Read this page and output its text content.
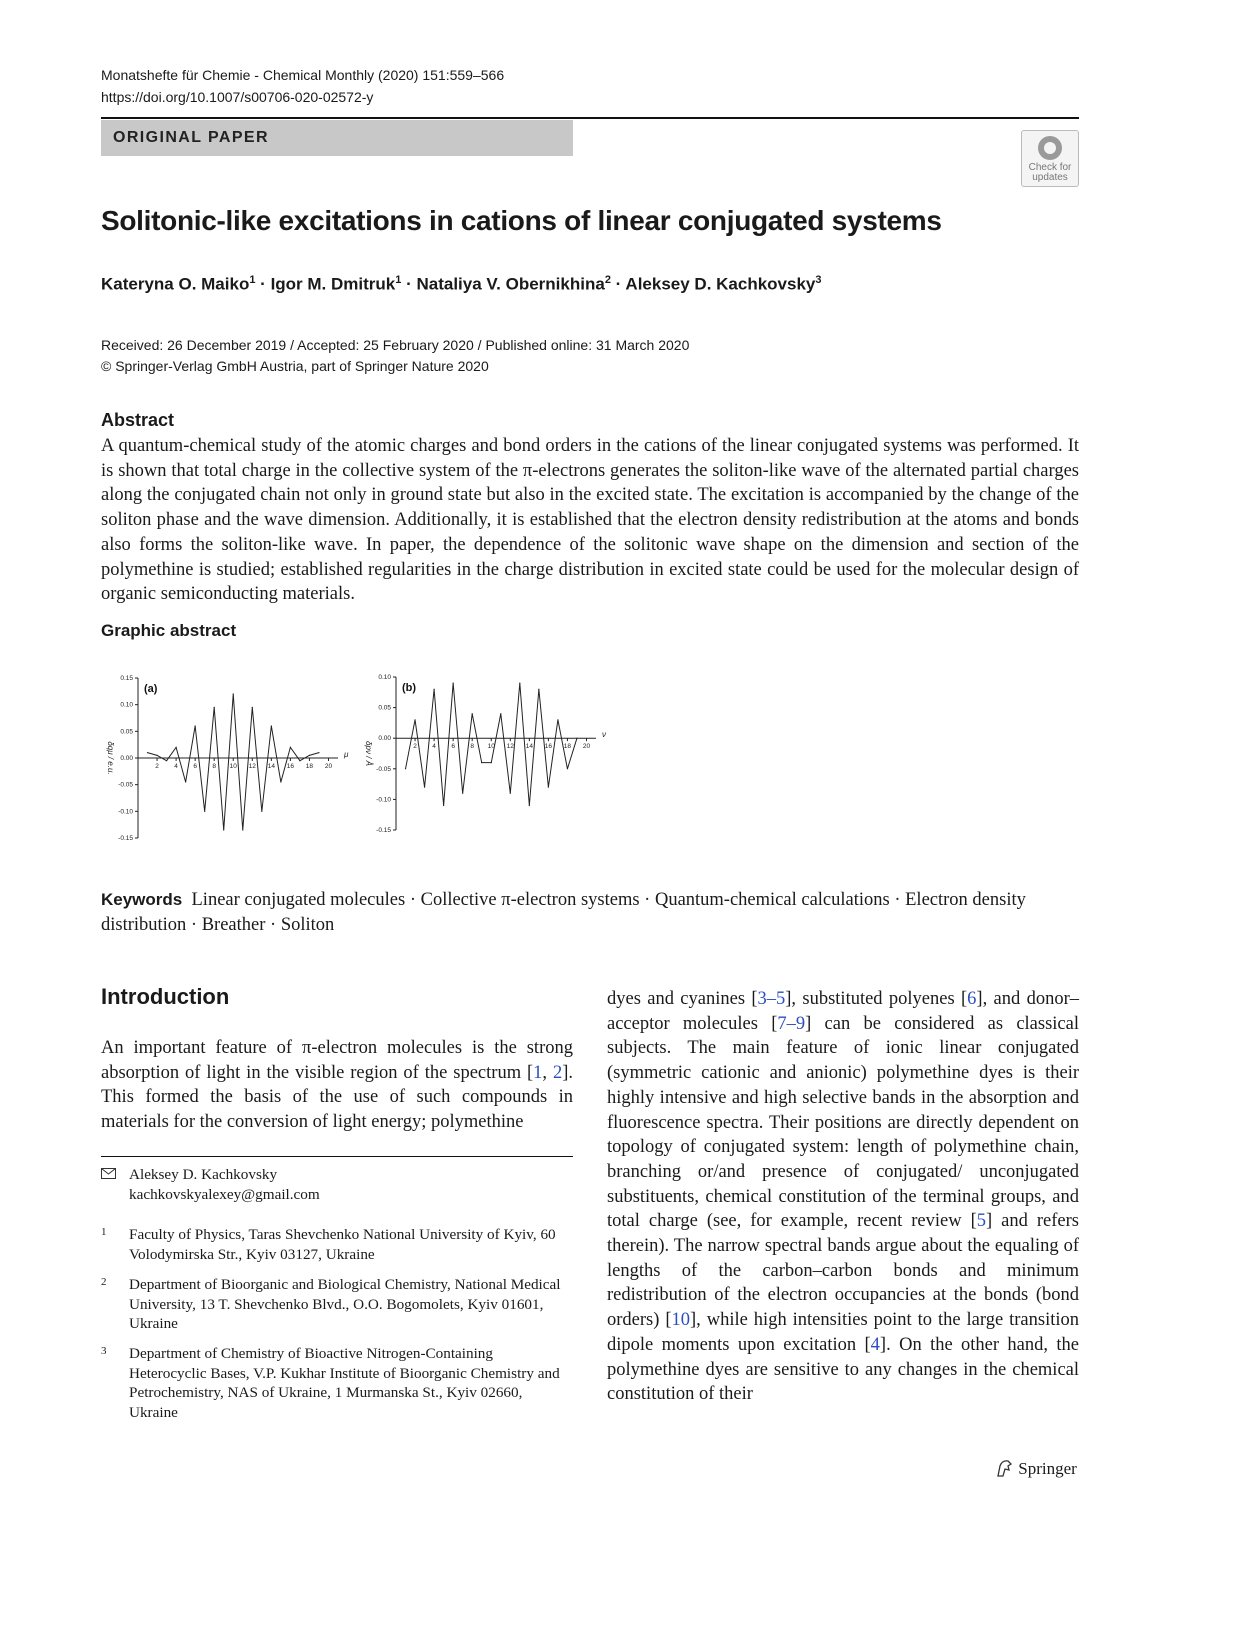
Monatshefte für Chemie - Chemical Monthly (2020) 151:559–566
https://doi.org/10.1007/s00706-020-02572-y
ORIGINAL PAPER
Check for
updates
Solitonic-like excitations in cations of linear conjugated systems
Kateryna O. Maiko$^1$ · Igor M. Dmitruk$^1$ · Nataliya V. Obernikhina$^2$ · Aleksey D. Kachkovsky$^3$
Received: 26 December 2019 / Accepted: 25 February 2020 / Published online: 31 March 2020
© Springer-Verlag GmbH Austria, part of Springer Nature 2020
Abstract
A quantum-chemical study of the atomic charges and bond orders in the cations of the linear conjugated systems was performed. It is shown that total charge in the collective system of the π-electrons generates the soliton-like wave of the alternated partial charges along the conjugated chain not only in ground state but also in the excited state. The excitation is accompanied by the change of the soliton phase and the wave dimension. Additionally, it is established that the electron density redistribution at the atoms and bonds also forms the soliton-like wave. In paper, the dependence of the solitonic wave shape on the dimension and section of the polymethine is studied; established regularities in the charge distribution in excited state could be used for the molecular design of organic semiconducting materials.
Graphic abstract
0.15
0.10
0.05
0.00
-0.05
-0.10
-0.15
2 4 6 8 10 12 14 16 18 20
μ
δqμ / e.u.
(a)
0.10
0.05
0.00
-0.05
-0.10
-0.15
2 4 6 8 10 12 14 16 18 20
ν
δpν / Å
(b)
Keywords Linear conjugated molecules · Collective π-electron systems · Quantum-chemical calculations · Electron density distribution · Breather · Soliton
Introduction
An important feature of π-electron molecules is the strong absorption of light in the visible region of the spectrum [1, 2]. This formed the basis of the use of such compounds in materials for the conversion of light energy; polymethine
dyes and cyanines [3–5], substituted polyenes [6], and donor–acceptor molecules [7–9] can be considered as classical subjects. The main feature of ionic linear conjugated (symmetric cationic and anionic) polymethine dyes is their highly intensive and high selective bands in the absorption and fluorescence spectra. Their positions are directly dependent on topology of conjugated system: length of polymethine chain, branching or/and presence of conjugated/ unconjugated substituents, chemical constitution of the terminal groups, and total charge (see, for example, recent review [5] and refers therein). The narrow spectral bands argue about the equaling of lengths of the carbon–carbon bonds and minimum redistribution of the electron occupancies at the bonds (bond orders) [10], while high intensities point to the large transition dipole moments upon excitation [4]. On the other hand, the polymethine dyes are sensitive to any changes in the chemical constitution of their
Aleksey D. Kachkovsky
kachkovskyalexey@gmail.com
1 Faculty of Physics, Taras Shevchenko National University of Kyiv, 60 Volodymirska Str., Kyiv 03127, Ukraine
2 Department of Bioorganic and Biological Chemistry, National Medical University, 13 T. Shevchenko Blvd., O.O. Bogomolets, Kyiv 01601, Ukraine
3 Department of Chemistry of Bioactive Nitrogen-Containing Heterocyclic Bases, V.P. Kukhar Institute of Bioorganic Chemistry and Petrochemistry, NAS of Ukraine, 1 Murmanska St., Kyiv 02660, Ukraine
Springer
